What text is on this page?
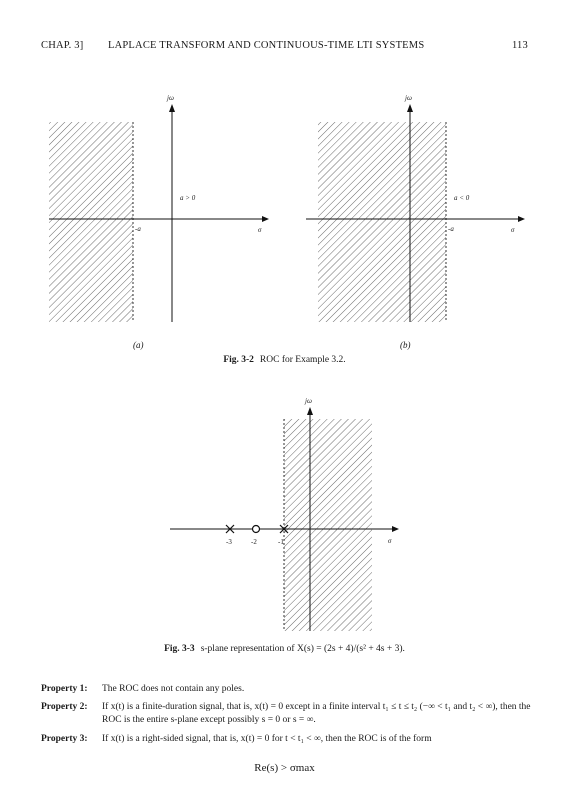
CHAP. 3] LAPLACE TRANSFORM AND CONTINUOUS-TIME LTI SYSTEMS	113
jω
σ
a > 0
-a
jω
σ
a < 0
-a
(a)	(b)
Fig. 3-2 ROC for Example 3.2.
jω
σ
-3	-2	-1
Fig. 3-3 s-plane representation of X(s) = (2s + 4)/(s² + 4s + 3).
Property 1: The ROC does not contain any poles.
Property 2: If x(t) is a finite-duration signal, that is, x(t) = 0 except in a finite interval t₁ ≤ t ≤ t₂ (−∞ < t₁ and t₂ < ∞), then the ROC is the entire s-plane except possibly s = 0 or s = ∞.
Property 3: If x(t) is a right-sided signal, that is, x(t) = 0 for t < t₁ < ∞, then the ROC is of the form
Re(s) > σmax
